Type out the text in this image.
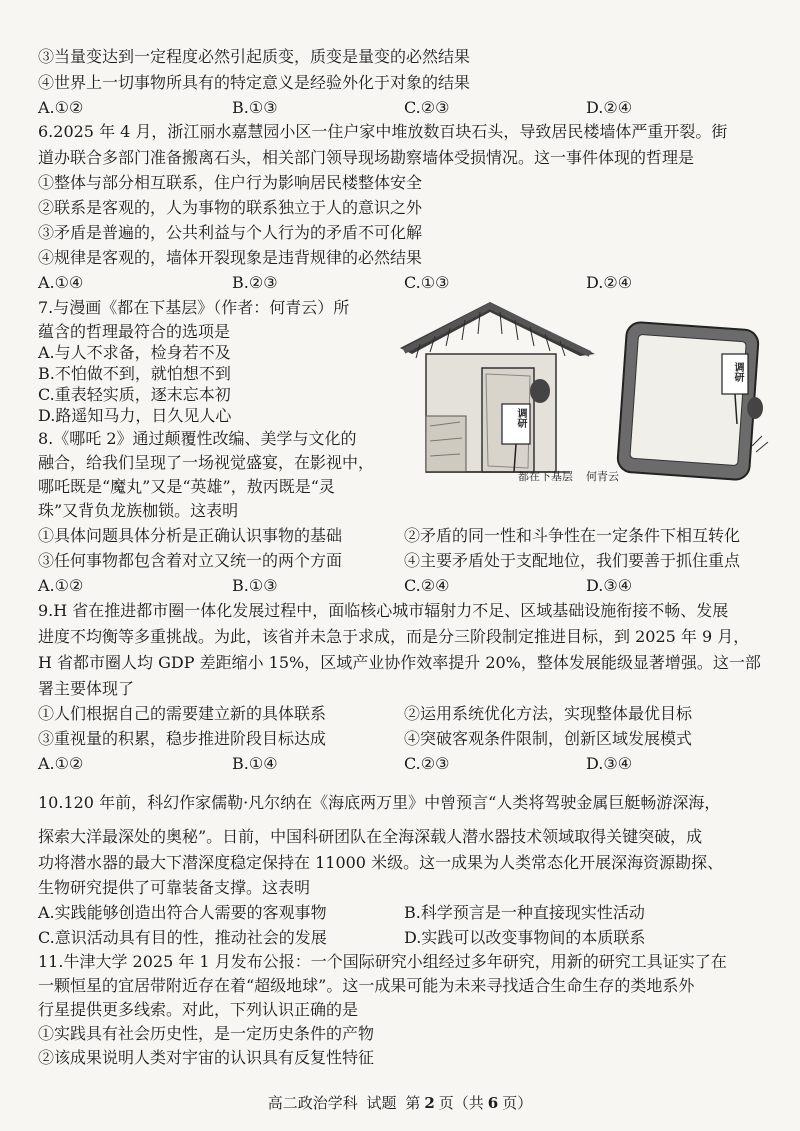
③当量变达到一定程度必然引起质变，质变是量变的必然结果
④世界上一切事物所具有的特定意义是经验外化于对象的结果
A.①②	B.①③	C.②③	D.②④
6.2025 年 4 月，浙江丽水嘉慧园小区一住户家中堆放数百块石头，导致居民楼墙体严重开裂。街
道办联合多部门准备搬离石头，相关部门领导现场勘察墙体受损情况。这一事件体现的哲理是
①整体与部分相互联系，住户行为影响居民楼整体安全
②联系是客观的，人为事物的联系独立于人的意识之外
③矛盾是普遍的，公共利益与个人行为的矛盾不可化解
④规律是客观的，墙体开裂现象是违背规律的必然结果
A.①④	B.②③	C.①③	D.②④
7.与漫画《都在下基层》（作者：何青云）所
蕴含的哲理最符合的选项是
A.与人不求备，检身若不及
B.不怕做不到，就怕想不到
C.重表轻实质，逐末忘本初
D.路遥知马力，日久见人心	调研
调研
都在下基层 何青云
8.《哪吒 2》通过颠覆性改编、美学与文化的
融合，给我们呈现了一场视觉盛宴，在影视中，
哪吒既是“魔丸”又是“英雄”，敖丙既是“灵
珠”又背负龙族枷锁。这表明
①具体问题具体分析是正确认识事物的基础	②矛盾的同一性和斗争性在一定条件下相互转化
③任何事物都包含着对立又统一的两个方面	④主要矛盾处于支配地位，我们要善于抓住重点
A.①②	B.①③	C.②④	D.③④
9.H 省在推进都市圈一体化发展过程中，面临核心城市辐射力不足、区域基础设施衔接不畅、发展
进度不均衡等多重挑战。为此，该省并未急于求成，而是分三阶段制定推进目标，到 2025 年 9 月，
H 省都市圈人均 GDP 差距缩小 15%，区域产业协作效率提升 20%，整体发展能级显著增强。这一部
署主要体现了
①人们根据自己的需要建立新的具体联系	②运用系统优化方法，实现整体最优目标
③重视量的积累，稳步推进阶段目标达成	④突破客观条件限制，创新区域发展模式
A.①②	B.①④	C.②③	D.③④
10.120 年前，科幻作家儒勒·凡尔纳在《海底两万里》中曾预言“人类将驾驶金属巨艇畅游深海，
探索大洋最深处的奥秘”。日前，中国科研团队在全海深载人潜水器技术领域取得关键突破，成
功将潜水器的最大下潜深度稳定保持在 11000 米级。这一成果为人类常态化开展深海资源勘探、
生物研究提供了可靠装备支撑。这表明
A.实践能够创造出符合人需要的客观事物	B.科学预言是一种直接现实性活动
C.意识活动具有目的性，推动社会的发展	D.实践可以改变事物间的本质联系
11.牛津大学 2025 年 1 月发布公报：一个国际研究小组经过多年研究，用新的研究工具证实了在
一颗恒星的宜居带附近存在着“超级地球”。这一成果可能为未来寻找适合生命生存的类地系外
行星提供更多线索。对此，下列认识正确的是
①实践具有社会历史性，是一定历史条件的产物
②该成果说明人类对宇宙的认识具有反复性特征
高二政治学科 试题 第 2 页（共 6 页）
